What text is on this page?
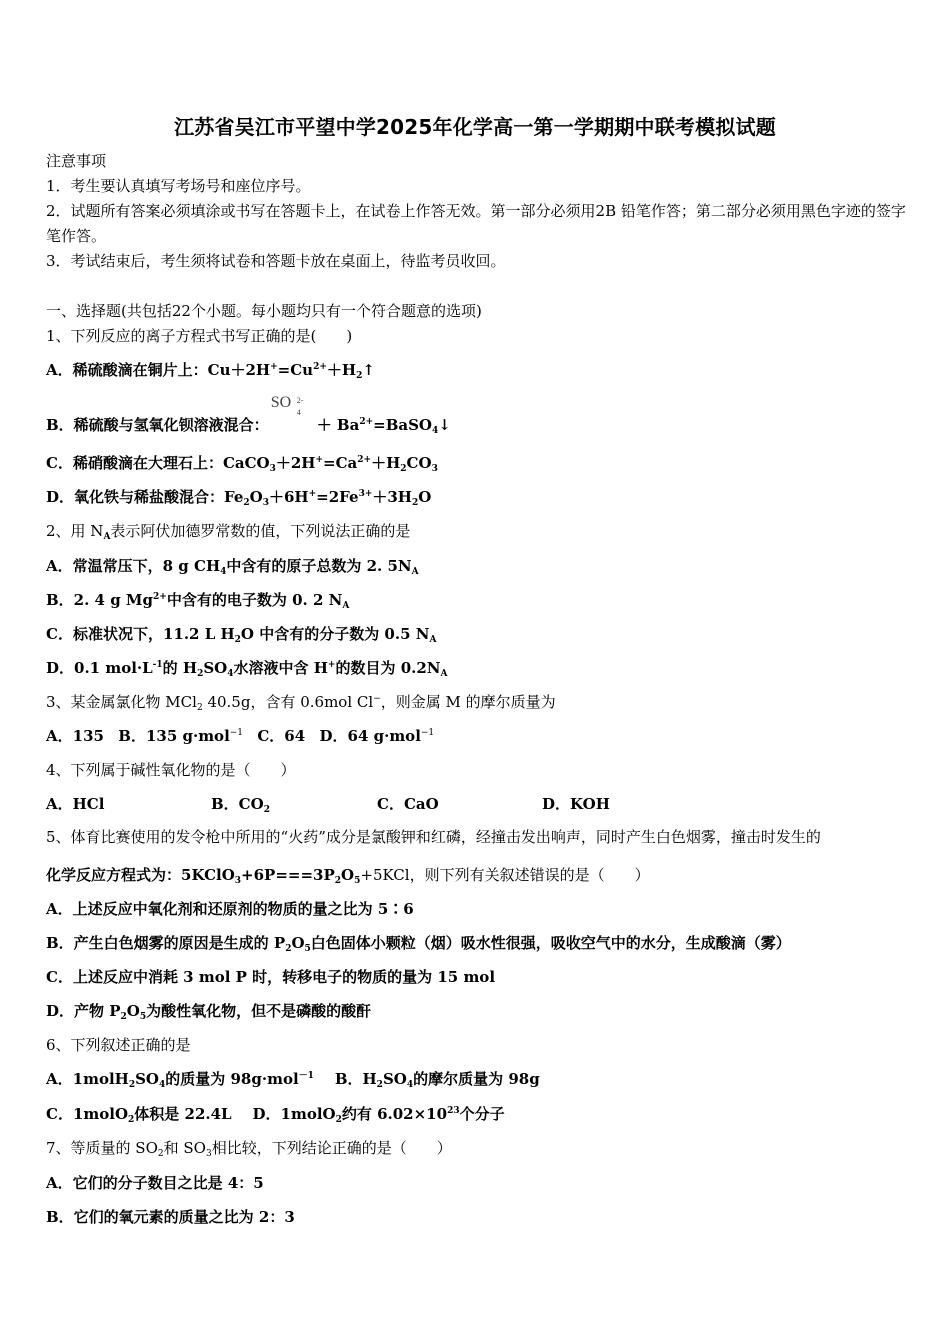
江苏省吴江市平望中学2025年化学高一第一学期期中联考模拟试题
注意事项
1．考生要认真填写考场号和座位序号。
2．试题所有答案必须填涂或书写在答题卡上，在试卷上作答无效。第一部分必须用2B 铅笔作答；第二部分必须用黑色字迹的签字笔作答。
3．考试结束后，考生须将试卷和答题卡放在桌面上，待监考员收回。
一、选择题(共包括22个小题。每小题均只有一个符合题意的选项)
1、下列反应的离子方程式书写正确的是(　　)
A．稀硫酸滴在铜片上：$Cu+2H^+=Cu^{2+}+H_2↑$
B．稀硫酸与氢氧化钡溶液混合：
SO 2-
4
＋ $Ba^{2+}=BaSO_4↓$
C．稀硝酸滴在大理石上：$CaCO_3+2H^+=Ca^{2+}+H_2CO_3$
D．氧化铁与稀盐酸混合：$Fe_2O_3+6H^+=2Fe^{3+}+3H_2O$
2、用 $N_A$表示阿伏加德罗常数的值，下列说法正确的是
A．常温常压下，8 g $CH_4$中含有的原子总数为 2. $5N_A$
B．2. 4 g $Mg^{2+}$中含有的电子数为 0. 2 $N_A$
C．标准状况下，11.2 L $H_2O$ 中含有的分子数为 0.5 $N_A$
D．0.1 $mol\cdot L^{-1}$的 $H_2SO_4$水溶液中含 H+的数目为 $0.2N_A$
3、某金属氯化物 MCl$_2$ 40.5g，含有 0.6mol Cl−，则金属 M 的摩尔质量为
A．135 B．135 g·mol$^{-1}$ C．64 D．64 g·mol$^{-1}$
4、下列属于碱性氧化物的是（　　）
A．HCl	B．$CO_2$	C．CaO	D．KOH
5、体育比赛使用的发令枪中所用的“火药”成分是氯酸钾和红磷，经撞击发出响声，同时产生白色烟雾，撞击时发生的
化学反应方程式为：$5KClO_3+6P===3P_2O_5+5KCl$，则下列有关叙述错误的是（　　）
A．上述反应中氧化剂和还原剂的物质的量之比为 5∶6
B．产生白色烟雾的原因是生成的 $P_2O_5$白色固体小颗粒（烟）吸水性很强，吸收空气中的水分，生成酸滴（雾）
C．上述反应中消耗 3 mol P 时，转移电子的物质的量为 15 mol
D．产物 $P_2O_5$为酸性氧化物，但不是磷酸的酸酐
6、下列叙述正确的是
A．$1molH_2SO_4$的质量为 98g·mol$^{-1}$ B．$H_2SO_4$的摩尔质量为 98g
C．1molO$_2$体积是 22.4L D．1molO$_2$约有 $6.02\times 10^{23}$个分子
7、等质量的 $SO_2$和 $SO_3$相比较，下列结论正确的是（　　）
A．它们的分子数目之比是 4：5
B．它们的氧元素的质量之比为 2：3
